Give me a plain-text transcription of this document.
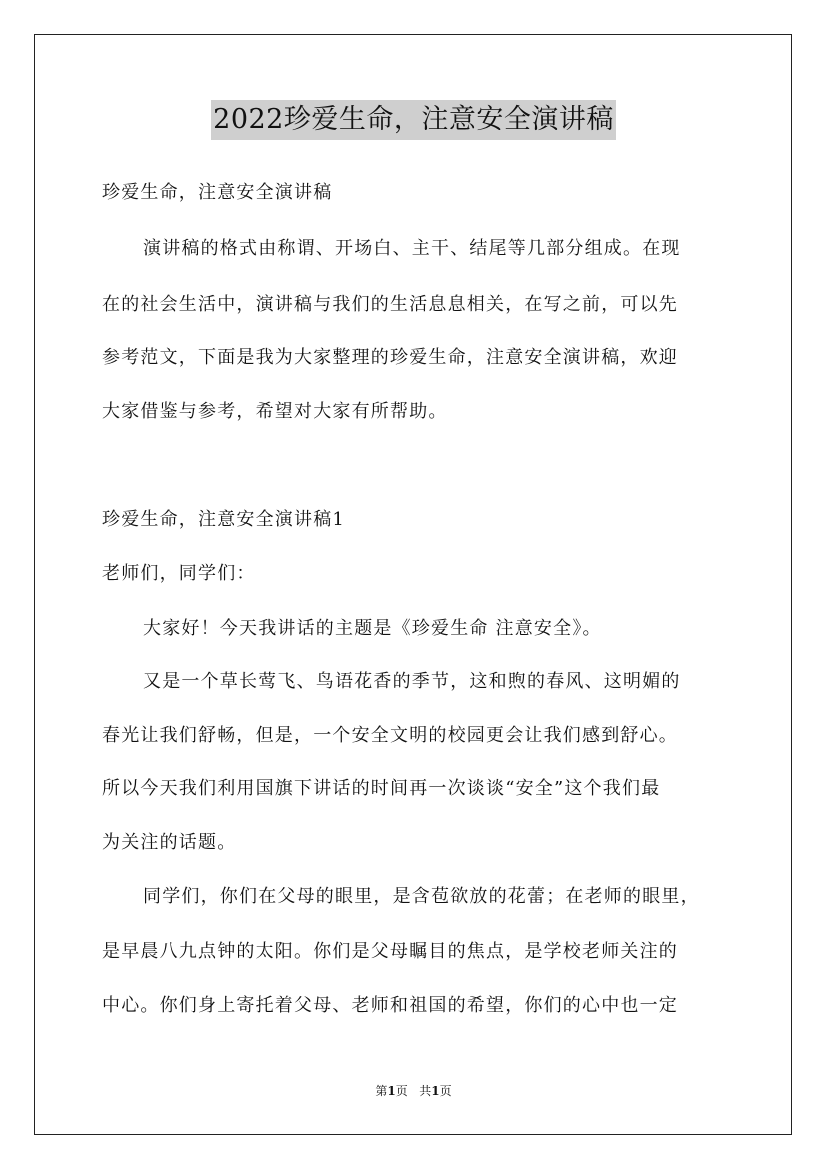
2022珍爱生命，注意安全演讲稿
珍爱生命，注意安全演讲稿
演讲稿的格式由称谓、开场白、主干、结尾等几部分组成。在现
在的社会生活中，演讲稿与我们的生活息息相关，在写之前，可以先
参考范文，下面是我为大家整理的珍爱生命，注意安全演讲稿，欢迎
大家借鉴与参考，希望对大家有所帮助。
珍爱生命，注意安全演讲稿1
老师们，同学们：
大家好！今天我讲话的主题是《珍爱生命 注意安全》。
又是一个草长莺飞、鸟语花香的季节，这和煦的春风、这明媚的
春光让我们舒畅，但是，一个安全文明的校园更会让我们感到舒心。
所以今天我们利用国旗下讲话的时间再一次谈谈“安全”这个我们最
为关注的话题。
同学们，你们在父母的眼里，是含苞欲放的花蕾；在老师的眼里，
是早晨八九点钟的太阳。你们是父母瞩目的焦点，是学校老师关注的
中心。你们身上寄托着父母、老师和祖国的希望，你们的心中也一定
第1页 共1页
